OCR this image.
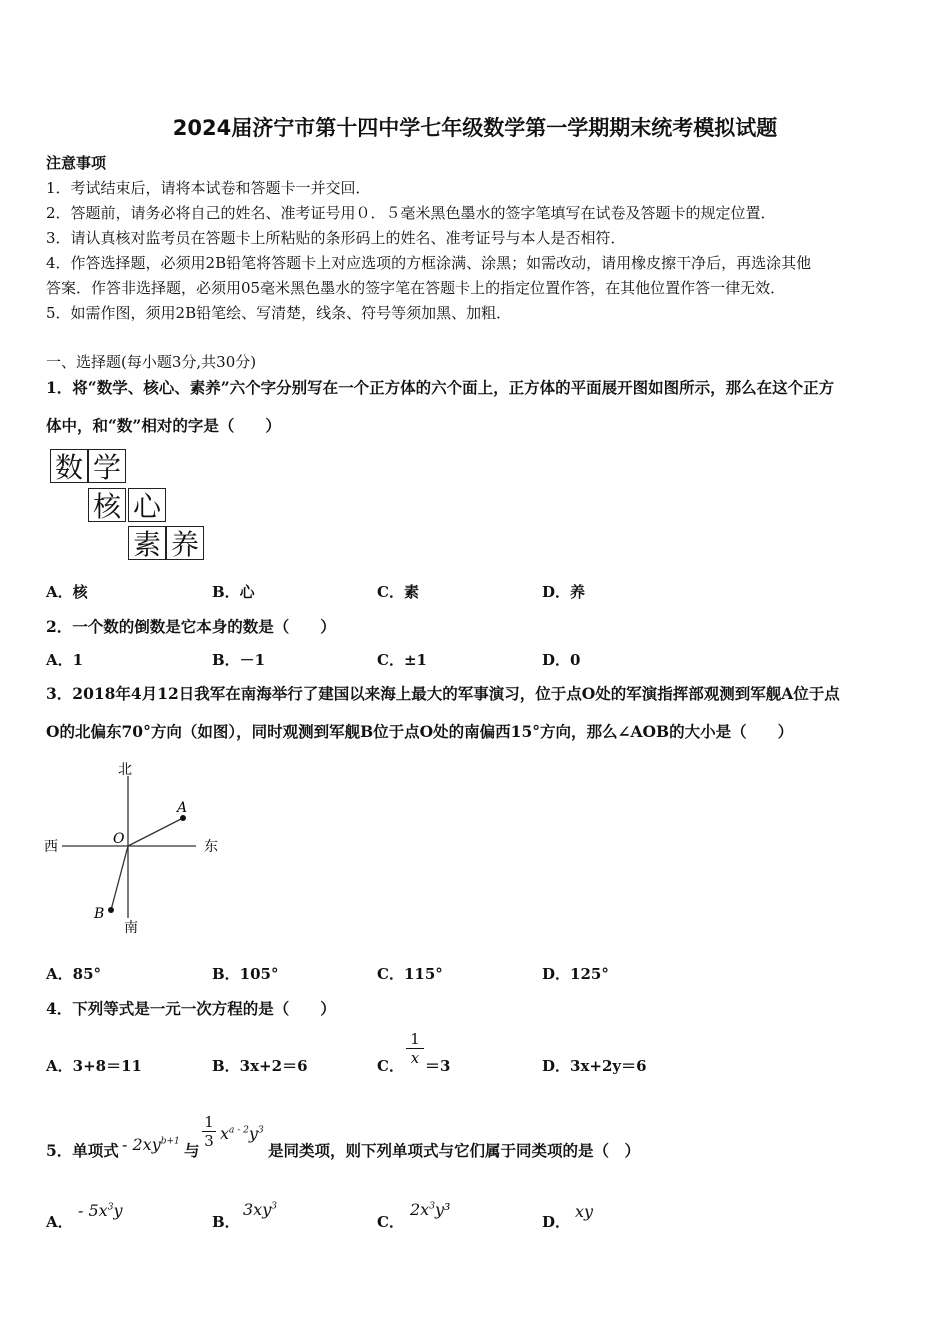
2024届济宁市第十四中学七年级数学第一学期期末统考模拟试题
注意事项
1．考试结束后，请将本试卷和答题卡一并交回．
2．答题前，请务必将自己的姓名、准考证号用０．５毫米黑色墨水的签字笔填写在试卷及答题卡的规定位置．
3．请认真核对监考员在答题卡上所粘贴的条形码上的姓名、准考证号与本人是否相符．
4．作答选择题，必须用2B铅笔将答题卡上对应选项的方框涂满、涂黑；如需改动，请用橡皮擦干净后，再选涂其他
答案．作答非选择题，必须用05毫米黑色墨水的签字笔在答题卡上的指定位置作答，在其他位置作答一律无效．
5．如需作图，须用2B铅笔绘、写清楚，线条、符号等须加黑、加粗．
一、选择题(每小题3分,共30分)
1．将“数学、核心、素养”六个字分别写在一个正方体的六个面上，正方体的平面展开图如图所示，那么在这个正方
体中，和“数”相对的字是（　　）
数 学
核 心
素 养
A．核	B．心	C．素	D．养
2．一个数的倒数是它本身的数是（　　）
A．1	B．－1	C．±1	D．0
3．2018年4月12日我军在南海举行了建国以来海上最大的军事演习，位于点O处的军演指挥部观测到军舰A位于点
O的北偏东70°方向（如图），同时观测到军舰B位于点O处的南偏西15°方向，那么∠AOB的大小是（　　）
北
南
西	东
O
A
B
A．85°	B．105°	C．115°	D．125°
4．下列等式是一元一次方程的是（　　）
A．3+8＝11	B．3x+2＝6	C．
1
x ＝3	D．3x+2y＝6
5．单项式 - $2xy^{b+1}$ 与
1
3 $x^{a - 2}y^3$
是同类项，则下列单项式与它们属于同类项的是（　）
A．
- $5x^3y$
B．
$3xy^3$
C．
$2x^3y^3$
D．
xy
